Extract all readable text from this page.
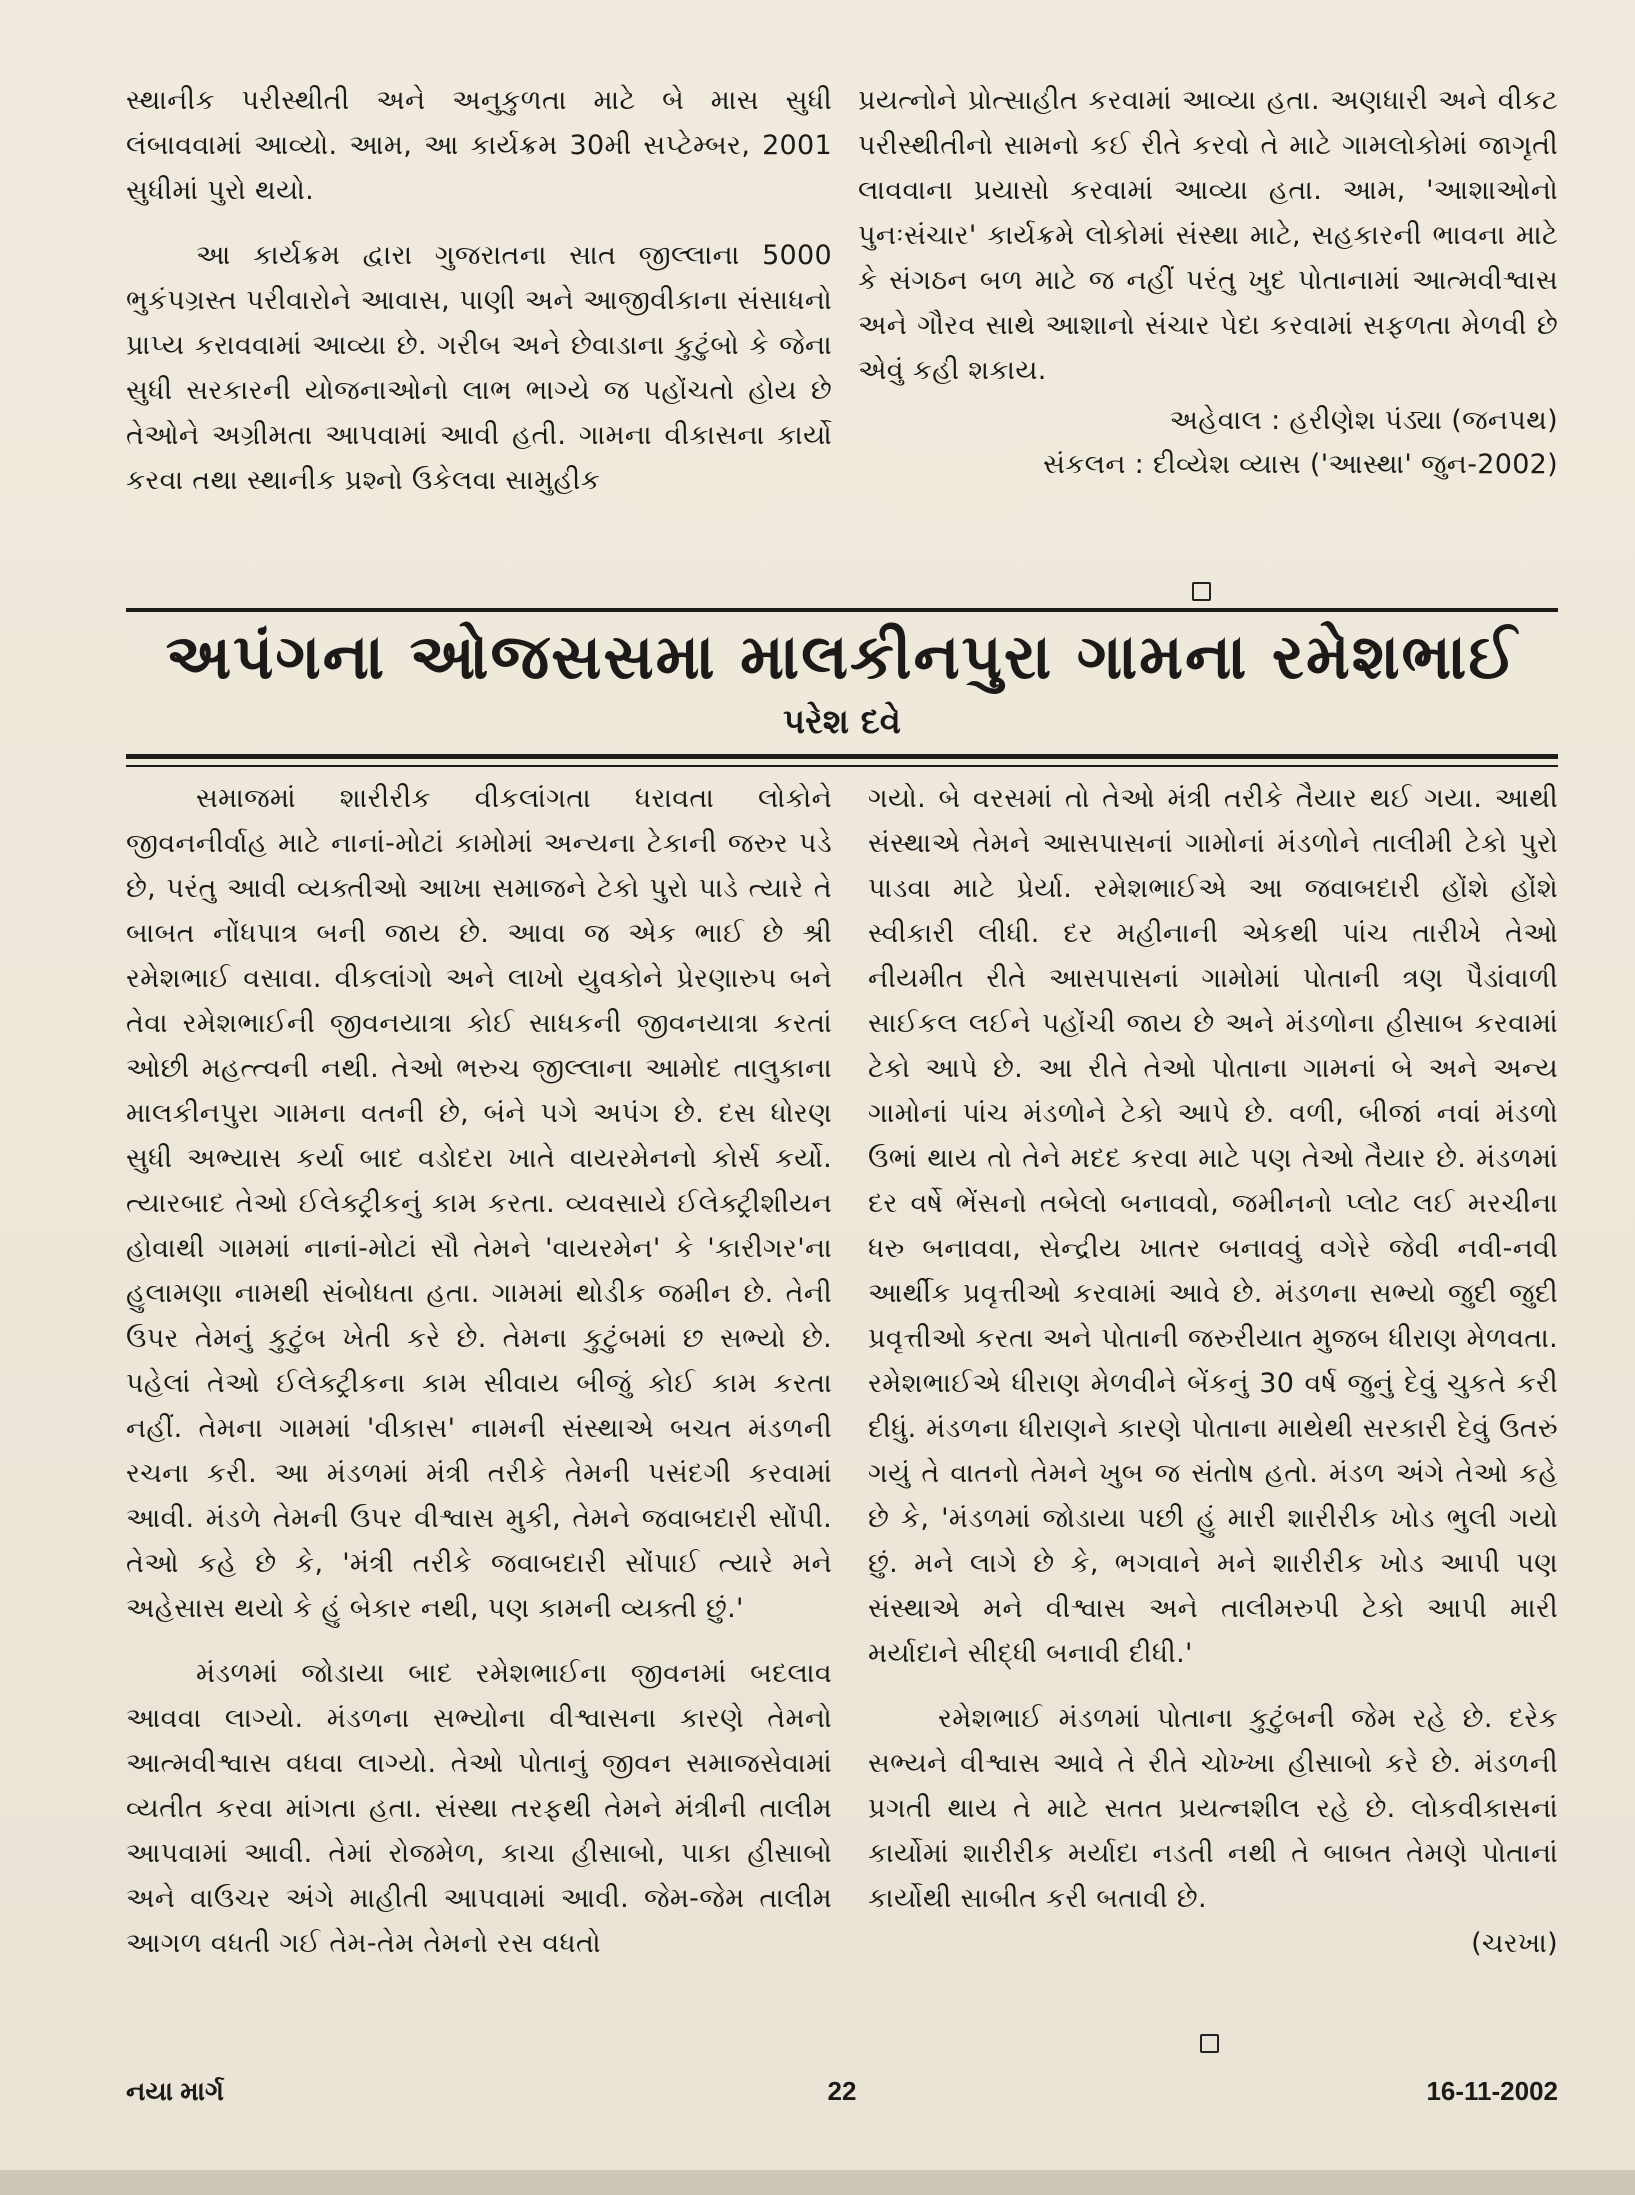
સ્થાનીક પરીસ્થીતી અને અનુકુળતા માટે બે માસ સુધી લંબાવવામાં આવ્યો. આમ, આ કાર્યક્રમ 30મી સપ્ટેમ્બર, 2001 સુધીમાં પુરો થયો.

આ કાર્યક્રમ દ્વારા ગુજરાતના સાત જીલ્લાના 5000 ભુકંપગ્રસ્ત પરીવારોને આવાસ, પાણી અને આજીવીકાના સંસાધનો પ્રાપ્ય કરાવવામાં આવ્યા છે. ગરીબ અને છેવાડાના કુટુંબો કે જેના સુધી સરકારની યોજનાઓનો લાભ ભાગ્યે જ પહોંચતો હોય છે તેઓને અગ્રીમતા આપવામાં આવી હતી. ગામના વીકાસના કાર્યો કરવા તથા સ્થાનીક પ્રશ્નો ઉકેલવા સામુહીક

પ્રયત્નોને પ્રોત્સાહીત કરવામાં આવ્યા હતા. અણધારી અને વીકટ પરીસ્થીતીનો સામનો કઈ રીતે કરવો તે માટે ગામલોકોમાં જાગૃતી લાવવાના પ્રયાસો કરવામાં આવ્યા હતા. આમ, 'આશાઓનો પુનઃસંચાર' કાર્યક્રમે લોકોમાં સંસ્થા માટે, સહકારની ભાવના માટે કે સંગઠન બળ માટે જ નહીં પરંતુ ખુદ પોતાનામાં આત્મવીશ્વાસ અને ગૌરવ સાથે આશાનો સંચાર પેદા કરવામાં સફળતા મેળવી છે એવું કહી શકાય.

અહેવાલ : હરીણેશ પંડ્યા (જનપથ)
સંકલન : દીવ્યેશ વ્યાસ ('આસ્થા' જુન-2002)
અપંગના ઓજસસમા માલકીનપુરા ગામના રમેશભાઈ
પરેશ દવે

સમાજમાં શારીરીક વીકલાંગતા ધરાવતા લોકોને જીવનનીર્વાહ માટે નાનાં-મોટાં કામોમાં અન્યના ટેકાની જરુર પડે છે, પરંતુ આવી વ્યક્તીઓ આખા સમાજને ટેકો પુરો પાડે ત્યારે તે બાબત નોંધપાત્ર બની જાય છે. આવા જ એક ભાઈ છે શ્રી રમેશભાઈ વસાવા. વીકલાંગો અને લાખો યુવકોને પ્રેરણારુપ બને તેવા રમેશભાઈની જીવનયાત્રા કોઈ સાધકની જીવનયાત્રા કરતાં ઓછી મહત્ત્વની નથી. તેઓ ભરુચ જીલ્લાના આમોદ તાલુકાના માલકીનપુરા ગામના વતની છે, બંને પગે અપંગ છે. દસ ધોરણ સુધી અભ્યાસ કર્યા બાદ વડોદરા ખાતે વાયરમેનનો કોર્સ કર્યો. ત્યારબાદ તેઓ ઈલેક્ટ્રીકનું કામ કરતા. વ્યવસાયે ઈલેક્ટ્રીશીયન હોવાથી ગામમાં નાનાં-મોટાં સૌ તેમને 'વાયરમેન' કે 'કારીગર'ના હુલામણા નામથી સંબોધતા હતા. ગામમાં થોડીક જમીન છે. તેની ઉપર તેમનું કુટુંબ ખેતી કરે છે. તેમના કુટુંબમાં છ સભ્યો છે. પહેલાં તેઓ ઈલેક્ટ્રીકના કામ સીવાય બીજું કોઈ કામ કરતા નહીં. તેમના ગામમાં 'વીકાસ' નામની સંસ્થાએ બચત મંડળની રચના કરી. આ મંડળમાં મંત્રી તરીકે તેમની પસંદગી કરવામાં આવી. મંડળે તેમની ઉપર વીશ્વાસ મુકી, તેમને જવાબદારી સોંપી. તેઓ કહે છે કે, 'મંત્રી તરીકે જવાબદારી સોંપાઈ ત્યારે મને અહેસાસ થયો કે હું બેકાર નથી, પણ કામની વ્યક્તી છું.'

મંડળમાં જોડાયા બાદ રમેશભાઈના જીવનમાં બદલાવ આવવા લાગ્યો. મંડળના સભ્યોના વીશ્વાસના કારણે તેમનો આત્મવીશ્વાસ વધવા લાગ્યો. તેઓ પોતાનું જીવન સમાજસેવામાં વ્યતીત કરવા માંગતા હતા. સંસ્થા તરફથી તેમને મંત્રીની તાલીમ આપવામાં આવી. તેમાં રોજમેળ, કાચા હીસાબો, પાકા હીસાબો અને વાઉચર અંગે માહીતી આપવામાં આવી. જેમ-જેમ તાલીમ આગળ વધતી ગઈ તેમ-તેમ તેમનો રસ વધતો

ગયો. બે વરસમાં તો તેઓ મંત્રી તરીકે તૈયાર થઈ ગયા. આથી સંસ્થાએ તેમને આસપાસનાં ગામોનાં મંડળોને તાલીમી ટેકો પુરો પાડવા માટે પ્રેર્યા. રમેશભાઈએ આ જવાબદારી હોંશે હોંશે સ્વીકારી લીધી. દર મહીનાની એકથી પાંચ તારીખે તેઓ નીયમીત રીતે આસપાસનાં ગામોમાં પોતાની ત્રણ પૈડાંવાળી સાઈકલ લઈને પહોંચી જાય છે અને મંડળોના હીસાબ કરવામાં ટેકો આપે છે. આ રીતે તેઓ પોતાના ગામનાં બે અને અન્ય ગામોનાં પાંચ મંડળોને ટેકો આપે છે. વળી, બીજાં નવાં મંડળો ઉભાં થાય તો તેને મદદ કરવા માટે પણ તેઓ તૈયાર છે. મંડળમાં દર વર્ષે ભેંસનો તબેલો બનાવવો, જમીનનો પ્લોટ લઈ મરચીના ધરુ બનાવવા, સેન્દ્રીય ખાતર બનાવવું વગેરે જેવી નવી-નવી આર્થીક પ્રવૃત્તીઓ કરવામાં આવે છે. મંડળના સભ્યો જુદી જુદી પ્રવૃત્તીઓ કરતા અને પોતાની જરુરીયાત મુજબ ધીરાણ મેળવતા. રમેશભાઈએ ધીરાણ મેળવીને બેંકનું 30 વર્ષ જુનું દેવું ચુકતે કરી દીધું. મંડળના ધીરાણને કારણે પોતાના માથેથી સરકારી દેવું ઉતરું ગયું તે વાતનો તેમને ખુબ જ સંતોષ હતો. મંડળ અંગે તેઓ કહે છે કે, 'મંડળમાં જોડાયા પછી હું મારી શારીરીક ખોડ ભુલી ગયો છું. મને લાગે છે કે, ભગવાને મને શારીરીક ખોડ આપી પણ સંસ્થાએ મને વીશ્વાસ અને તાલીમરુપી ટેકો આપી મારી મર્યાદાને સીદ્ધી બનાવી દીધી.'

રમેશભાઈ મંડળમાં પોતાના કુટુંબની જેમ રહે છે. દરેક સભ્યને વીશ્વાસ આવે તે રીતે ચોખ્ખા હીસાબો કરે છે. મંડળની પ્રગતી થાય તે માટે સતત પ્રયત્નશીલ રહે છે. લોકવીકાસનાં કાર્યોમાં શારીરીક મર્યાદા નડતી નથી તે બાબત તેમણે પોતાનાં કાર્યોથી સાબીત કરી બતાવી છે.

(ચરખા)
નયા માર્ગ	22	16-11-2002
